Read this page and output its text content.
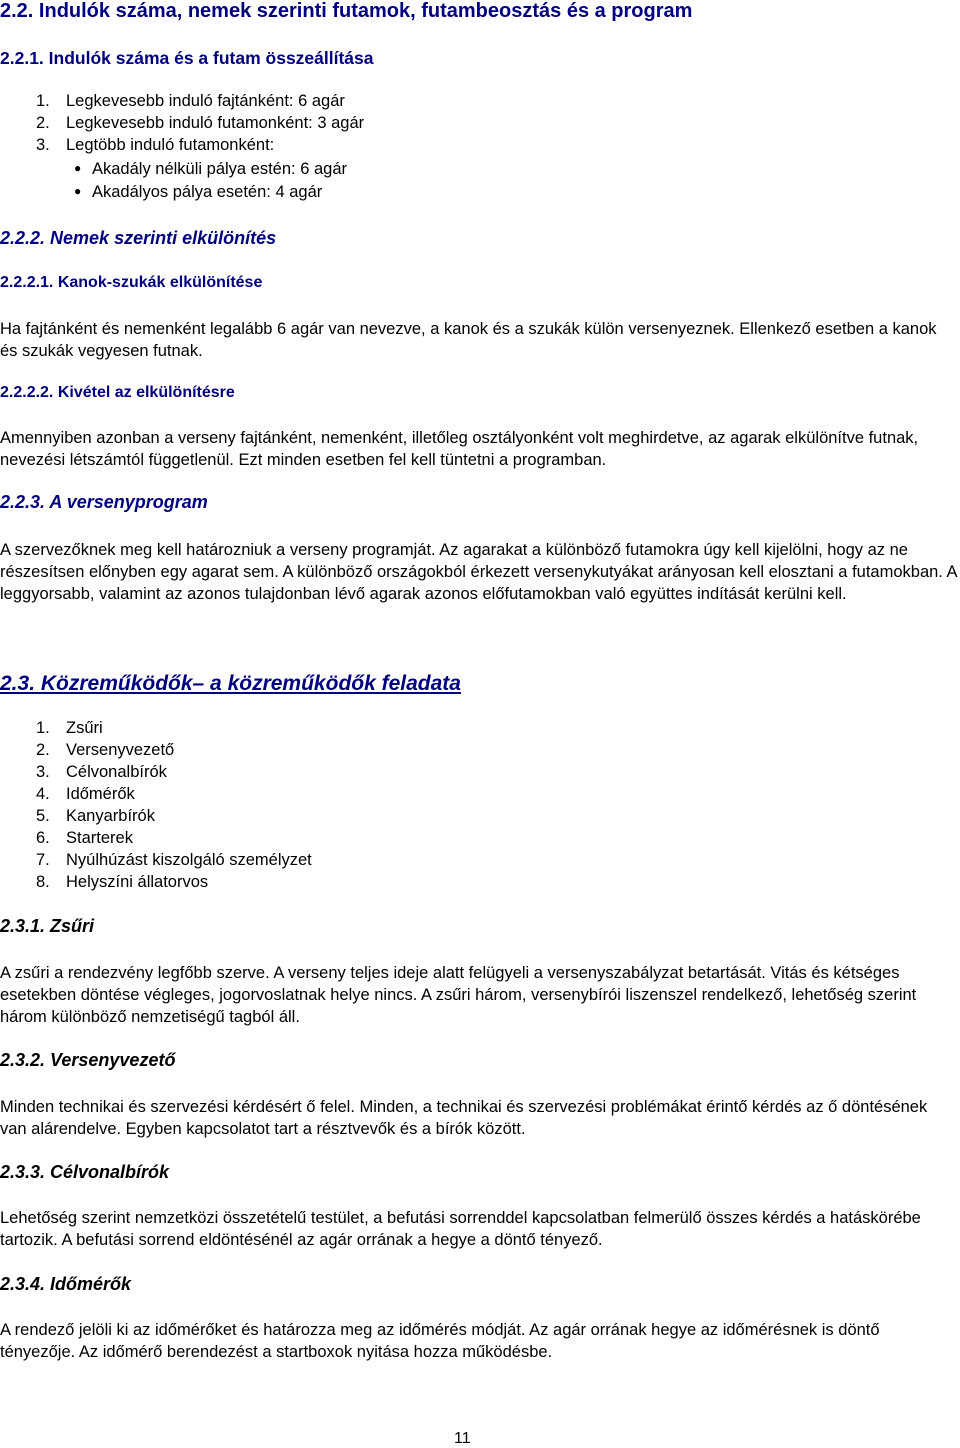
2.2. Indulók száma, nemek szerinti futamok, futambeosztás és a program
2.2.1. Indulók száma és a futam összeállítása
1. Legkevesebb induló fajtánként: 6 agár
2. Legkevesebb induló futamonként: 3 agár
3. Legtöbb induló futamonként:
● Akadály nélküli pálya estén: 6 agár
● Akadályos pálya esetén: 4 agár
2.2.2. Nemek szerinti elkülönítés
2.2.2.1. Kanok-szukák elkülönítése
Ha fajtánként és nemenként legalább 6 agár van nevezve, a kanok és a szukák külön versenyeznek. Ellenkező esetben a kanok és szukák vegyesen futnak.
2.2.2.2. Kivétel az elkülönítésre
Amennyiben azonban a verseny fajtánként, nemenként, illetőleg osztályonként volt meghirdetve, az agarak elkülönítve futnak, nevezési létszámtól függetlenül. Ezt minden esetben fel kell tüntetni a programban.
2.2.3. A versenyprogram
A szervezőknek meg kell határozniuk a verseny programját. Az agarakat a különböző futamokra úgy kell kijelölni, hogy az ne részesítsen előnyben egy agarat sem. A különböző országokból érkezett versenykutyákat arányosan kell elosztani a futamokban. A leggyorsabb, valamint az azonos tulajdonban lévő agarak azonos előfutamokban való együttes indítását kerülni kell.
2.3. Közreműködők– a közreműködők feladata
1. Zsűri
2. Versenyvezető
3. Célvonalbírók
4. Időmérők
5. Kanyarbírók
6. Starterek
7. Nyúlhúzást kiszolgáló személyzet
8. Helyszíni állatorvos
2.3.1. Zsűri
A zsűri a rendezvény legfőbb szerve. A verseny teljes ideje alatt felügyeli a versenyszabályzat betartását. Vitás és kétséges esetekben döntése végleges, jogorvoslatnak helye nincs. A zsűri három, versenybírói liszenszel rendelkező, lehetőség szerint három különböző nemzetiségű tagból áll.
2.3.2. Versenyvezető
Minden technikai és szervezési kérdésért ő felel. Minden, a technikai és szervezési problémákat érintő kérdés az ő döntésének van alárendelve. Egyben kapcsolatot tart a résztvevők és a bírók között.
2.3.3. Célvonalbírók
Lehetőség szerint nemzetközi összetételű testület, a befutási sorrenddel kapcsolatban felmerülő összes kérdés a hatáskörébe tartozik. A befutási sorrend eldöntésénél az agár orrának a hegye a döntő tényező.
2.3.4. Időmérők
A rendező jelöli ki az időmérőket és határozza meg az időmérés módját. Az agár orrának hegye az időmérésnek is döntő tényezője. Az időmérő berendezést a startboxok nyitása hozza működésbe.
11
